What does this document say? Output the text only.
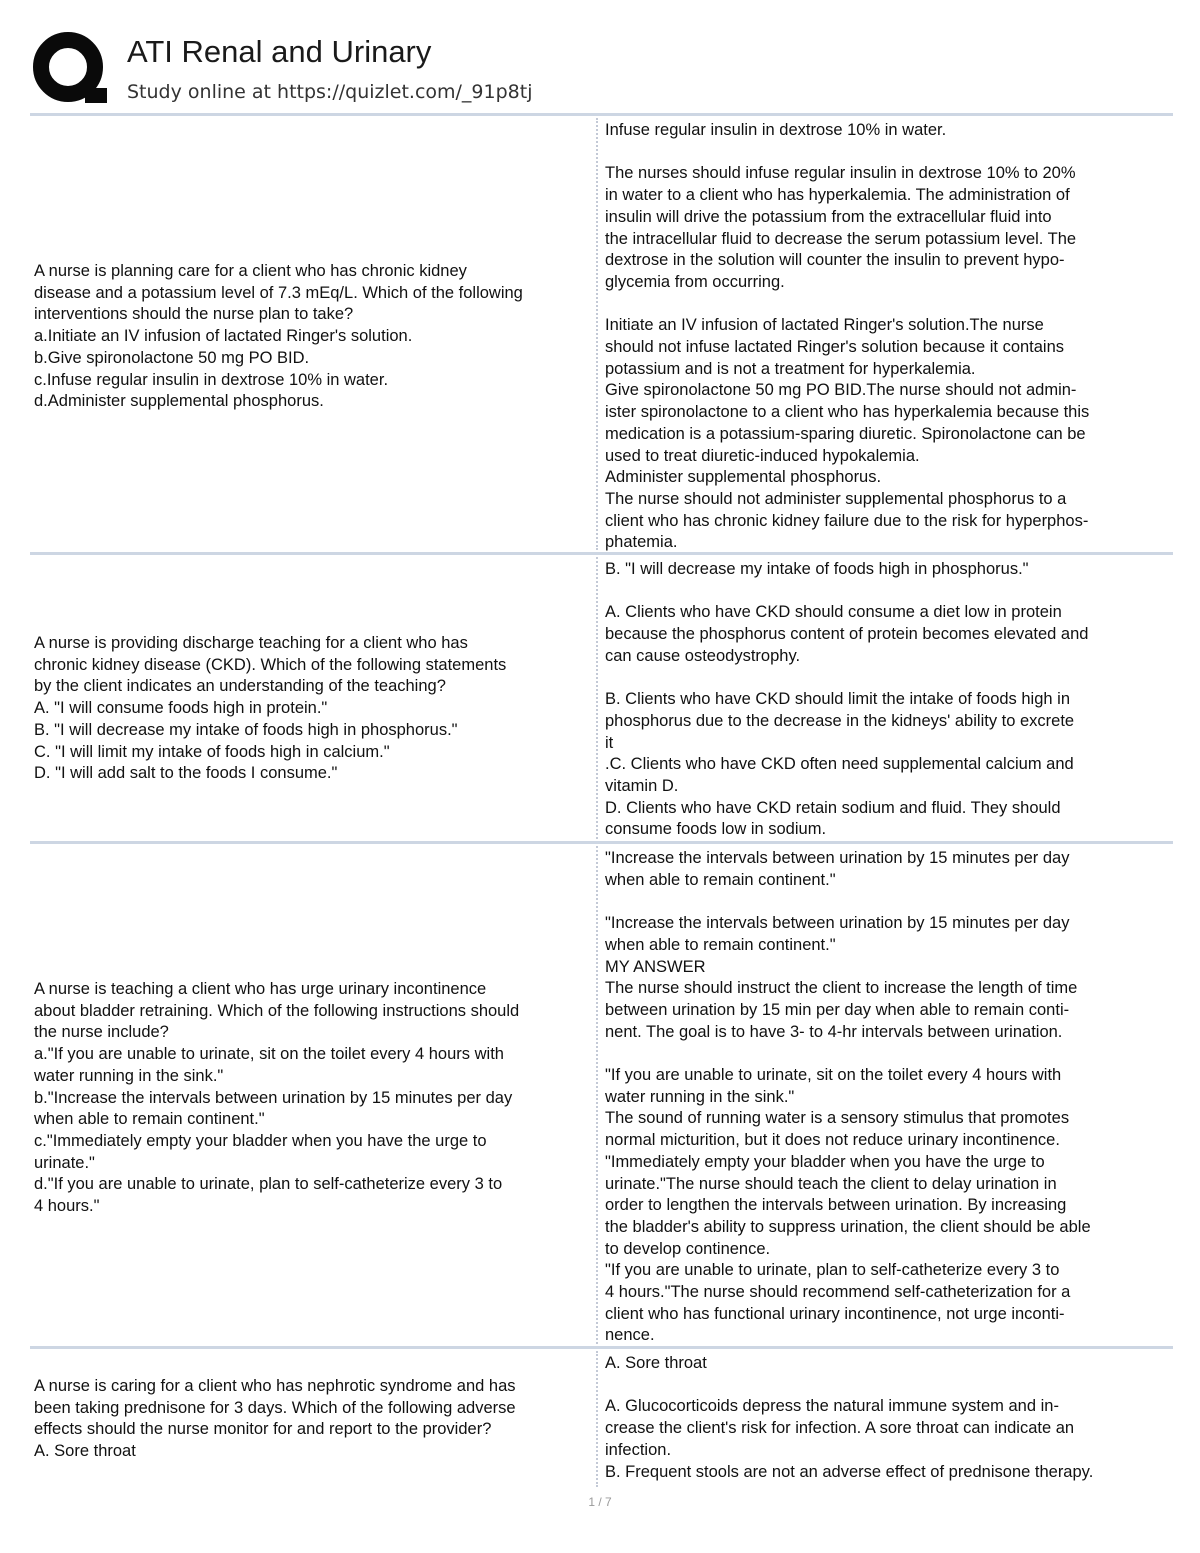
ATI Renal and Urinary
Study online at https://quizlet.com/_91p8tj
A nurse is planning care for a client who has chronic kidney
disease and a potassium level of 7.3 mEq/L. Which of the following
interventions should the nurse plan to take?
a.Initiate an IV infusion of lactated Ringer's solution.
b.Give spironolactone 50 mg PO BID.
c.Infuse regular insulin in dextrose 10% in water.
d.Administer supplemental phosphorus.
Infuse regular insulin in dextrose 10% in water.

The nurses should infuse regular insulin in dextrose 10% to 20%
in water to a client who has hyperkalemia. The administration of
insulin will drive the potassium from the extracellular fluid into
the intracellular fluid to decrease the serum potassium level. The
dextrose in the solution will counter the insulin to prevent hypo-
glycemia from occurring.

Initiate an IV infusion of lactated Ringer's solution.The nurse
should not infuse lactated Ringer's solution because it contains
potassium and is not a treatment for hyperkalemia.
Give spironolactone 50 mg PO BID.The nurse should not admin-
ister spironolactone to a client who has hyperkalemia because this
medication is a potassium-sparing diuretic. Spironolactone can be
used to treat diuretic-induced hypokalemia.
Administer supplemental phosphorus.
The nurse should not administer supplemental phosphorus to a
client who has chronic kidney failure due to the risk for hyperphos-
phatemia.
A nurse is providing discharge teaching for a client who has
chronic kidney disease (CKD). Which of the following statements
by the client indicates an understanding of the teaching?
A. "I will consume foods high in protein."
B. "I will decrease my intake of foods high in phosphorus."
C. "I will limit my intake of foods high in calcium."
D. "I will add salt to the foods I consume."
B. "I will decrease my intake of foods high in phosphorus."

A. Clients who have CKD should consume a diet low in protein
because the phosphorus content of protein becomes elevated and
can cause osteodystrophy.

B. Clients who have CKD should limit the intake of foods high in
phosphorus due to the decrease in the kidneys' ability to excrete
it
.C. Clients who have CKD often need supplemental calcium and
vitamin D.
D. Clients who have CKD retain sodium and fluid. They should
consume foods low in sodium.
A nurse is teaching a client who has urge urinary incontinence
about bladder retraining. Which of the following instructions should
the nurse include?
a."If you are unable to urinate, sit on the toilet every 4 hours with
water running in the sink."
b."Increase the intervals between urination by 15 minutes per day
when able to remain continent."
c."Immediately empty your bladder when you have the urge to
urinate."
d."If you are unable to urinate, plan to self-catheterize every 3 to
4 hours."
"Increase the intervals between urination by 15 minutes per day
when able to remain continent."

"Increase the intervals between urination by 15 minutes per day
when able to remain continent."
MY ANSWER
The nurse should instruct the client to increase the length of time
between urination by 15 min per day when able to remain conti-
nent. The goal is to have 3- to 4-hr intervals between urination.

"If you are unable to urinate, sit on the toilet every 4 hours with
water running in the sink."
The sound of running water is a sensory stimulus that promotes
normal micturition, but it does not reduce urinary incontinence.
"Immediately empty your bladder when you have the urge to
urinate."The nurse should teach the client to delay urination in
order to lengthen the intervals between urination. By increasing
the bladder's ability to suppress urination, the client should be able
to develop continence.
"If you are unable to urinate, plan to self-catheterize every 3 to
4 hours."The nurse should recommend self-catheterization for a
client who has functional urinary incontinence, not urge inconti-
nence.
A nurse is caring for a client who has nephrotic syndrome and has
been taking prednisone for 3 days. Which of the following adverse
effects should the nurse monitor for and report to the provider?
A. Sore throat
A. Sore throat

A. Glucocorticoids depress the natural immune system and in-
crease the client's risk for infection. A sore throat can indicate an
infection.
B. Frequent stools are not an adverse effect of prednisone therapy.
1 / 7
